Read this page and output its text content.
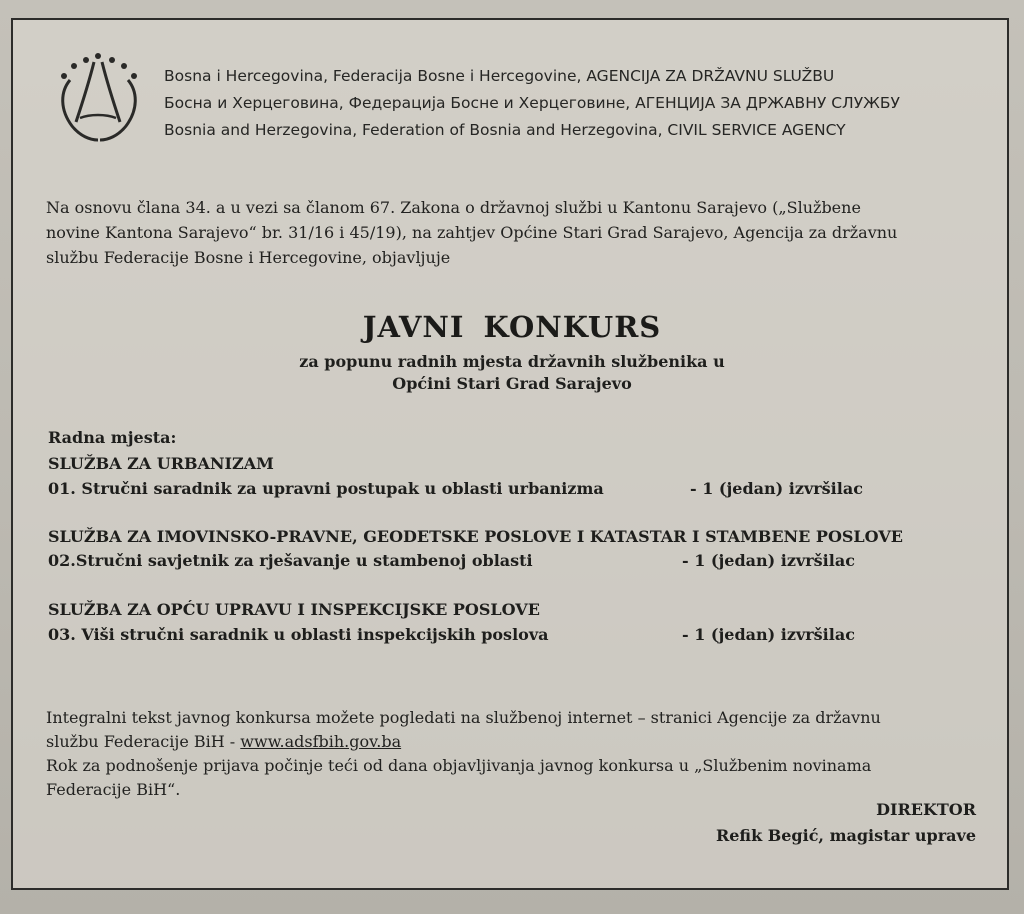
Bosna i Hercegovina, Federacija Bosne i Hercegovine, AGENCIJA ZA DRŽAVNU SLUŽBU
Босна и Херцеговина, Федерација Босне и Херцеговине, АГЕНЦИЈА ЗА ДРЖАВНУ СЛУЖБУ
Bosnia and Herzegovina, Federation of Bosnia and Herzegovina, CIVIL SERVICE AGENCY
Na osnovu člana 34. a u vezi sa članom 67. Zakona o državnoj službi u Kantonu Sarajevo („Službene
novine Kantona Sarajevo“ br. 31/16 i 45/19), na zahtjev Općine Stari Grad Sarajevo, Agencija za državnu
službu Federacije Bosne i Hercegovine, objavljuje
JAVNI KONKURS
za popunu radnih mjesta državnih službenika u
Općini Stari Grad Sarajevo
Radna mjesta:
SLUŽBA ZA URBANIZAM
01. Stručni saradnik za upravni postupak u oblasti urbanizma	- 1 (jedan) izvršilac
SLUŽBA ZA IMOVINSKO-PRAVNE, GEODETSKE POSLOVE I KATASTAR I STAMBENE POSLOVE
02.Stručni savjetnik za rješavanje u stambenoj oblasti	- 1 (jedan) izvršilac
SLUŽBA ZA OPĆU UPRAVU I INSPEKCIJSKE POSLOVE
03. Viši stručni saradnik u oblasti inspekcijskih poslova	- 1 (jedan) izvršilac
Integralni tekst javnog konkursa možete pogledati na službenoj internet – stranici Agencije za državnu
službu Federacije BiH - www.adsfbih.gov.ba
Rok za podnošenje prijava počinje teći od dana objavljivanja javnog konkursa u „Službenim novinama
Federacije BiH“.
DIREKTOR
Refik Begić, magistar uprave
